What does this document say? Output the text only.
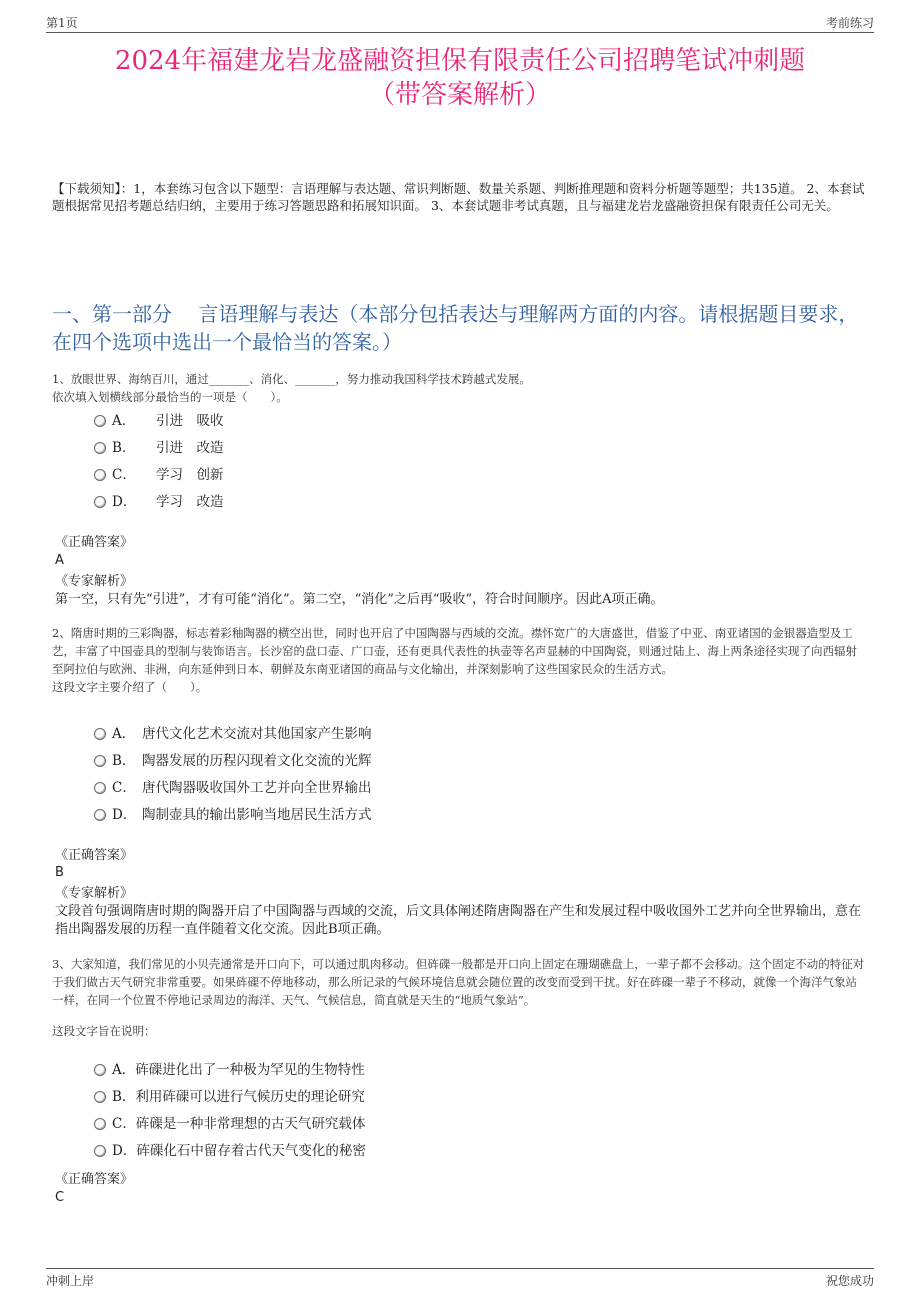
第1页	考前练习
2024年福建龙岩龙盛融资担保有限责任公司招聘笔试冲刺题
（带答案解析）
【下载须知】：1，本套练习包含以下题型：言语理解与表达题、常识判断题、数量关系题、判断推理题和资料分析题等题型；共135道。 2、本套试题根据常见招考题总结归纳，主要用于练习答题思路和拓展知识面。 3、本套试题非考试真题，且与福建龙岩龙盛融资担保有限责任公司无关。
一、第一部分　 言语理解与表达（本部分包括表达与理解两方面的内容。请根据题目要求，在四个选项中选出一个最恰当的答案。）
1、放眼世界、海纳百川，通过_______、消化、_______，努力推动我国科学技术跨越式发展。
依次填入划横线部分最恰当的一项是（　　）。
A． 引进　吸收
B． 引进　改造
C． 学习　创新
D． 学习　改造
《正确答案》
A
《专家解析》
第一空，只有先“引进”，才有可能“消化”。第二空，“消化”之后再“吸收”，符合时间顺序。因此A项正确。
2、隋唐时期的三彩陶器，标志着彩釉陶器的横空出世，同时也开启了中国陶器与西域的交流。襟怀宽广的大唐盛世，借鉴了中亚、南亚诸国的金银器造型及工艺，丰富了中国壶具的型制与装饰语言。长沙窑的盘口壶、广口壶，还有更具代表性的执壶等名声显赫的中国陶瓷，则通过陆上、海上两条途径实现了向西辐射至阿拉伯与欧洲、非洲，向东延伸到日本、朝鲜及东南亚诸国的商品与文化输出，并深刻影响了这些国家民众的生活方式。
这段文字主要介绍了（　　）。
A． 唐代文化艺术交流对其他国家产生影响
B． 陶器发展的历程闪现着文化交流的光辉
C． 唐代陶器吸收国外工艺并向全世界输出
D． 陶制壶具的输出影响当地居民生活方式
《正确答案》
B
《专家解析》
文段首句强调隋唐时期的陶器开启了中国陶器与西域的交流，后文具体阐述隋唐陶器在产生和发展过程中吸收国外工艺并向全世界输出，意在指出陶器发展的历程一直伴随着文化交流。因此B项正确。
3、大家知道，我们常见的小贝壳通常是开口向下，可以通过肌肉移动。但砗磲一般都是开口向上固定在珊瑚礁盘上，一辈子都不会移动。这个固定不动的特征对于我们做古天气研究非常重要。如果砗磲不停地移动，那么所记录的气候环境信息就会随位置的改变而受到干扰。好在砗磲一辈子不移动，就像一个海洋气象站一样，在同一个位置不停地记录周边的海洋、天气、气候信息，简直就是天生的“地质气象站”。
这段文字旨在说明：
A．砗磲进化出了一种极为罕见的生物特性
B．利用砗磲可以进行气候历史的理论研究
C．砗磲是一种非常理想的古天气研究载体
D．砗磲化石中留存着古代天气变化的秘密
《正确答案》
C
冲刺上岸	祝您成功
